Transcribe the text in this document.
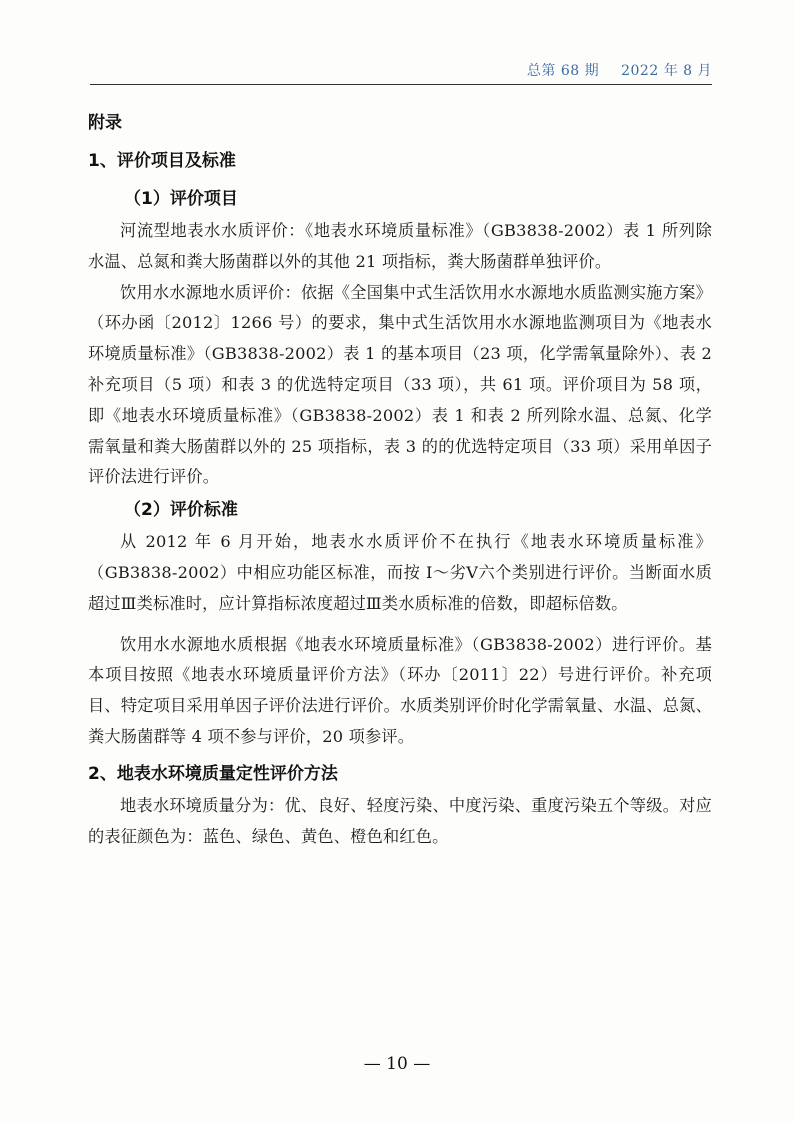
总第 68 期 2022 年 8 月

附录

1、评价项目及标准

（1）评价项目

河流型地表水水质评价：《地表水环境质量标准》（GB3838-2002）表 1 所列除水温、总氮和粪大肠菌群以外的其他 21 项指标，粪大肠菌群单独评价。

饮用水水源地水质评价：依据《全国集中式生活饮用水水源地水质监测实施方案》（环办函〔2012〕1266 号）的要求，集中式生活饮用水水源地监测项目为《地表水环境质量标准》（GB3838-2002）表 1 的基本项目（23 项，化学需氧量除外）、表 2 补充项目（5 项）和表 3 的优选特定项目（33 项），共 61 项。评价项目为 58 项，即《地表水环境质量标准》（GB3838-2002）表 1 和表 2 所列除水温、总氮、化学需氧量和粪大肠菌群以外的 25 项指标，表 3 的的优选特定项目（33 项）采用单因子评价法进行评价。

（2）评价标准

从 2012 年 6 月开始，地表水水质评价不在执行《地表水环境质量标准》（GB3838-2002）中相应功能区标准，而按 Ⅰ～劣Ⅴ六个类别进行评价。当断面水质超过Ⅲ类标准时，应计算指标浓度超过Ⅲ类水质标准的倍数，即超标倍数。

饮用水水源地水质根据《地表水环境质量标准》（GB3838-2002）进行评价。基本项目按照《地表水环境质量评价方法》（环办〔2011〕22）号进行评价。补充项目、特定项目采用单因子评价法进行评价。水质类别评价时化学需氧量、水温、总氮、粪大肠菌群等 4 项不参与评价，20 项参评。

2、地表水环境质量定性评价方法

地表水环境质量分为：优、良好、轻度污染、中度污染、重度污染五个等级。对应的表征颜色为：蓝色、绿色、黄色、橙色和红色。

— 10 —
